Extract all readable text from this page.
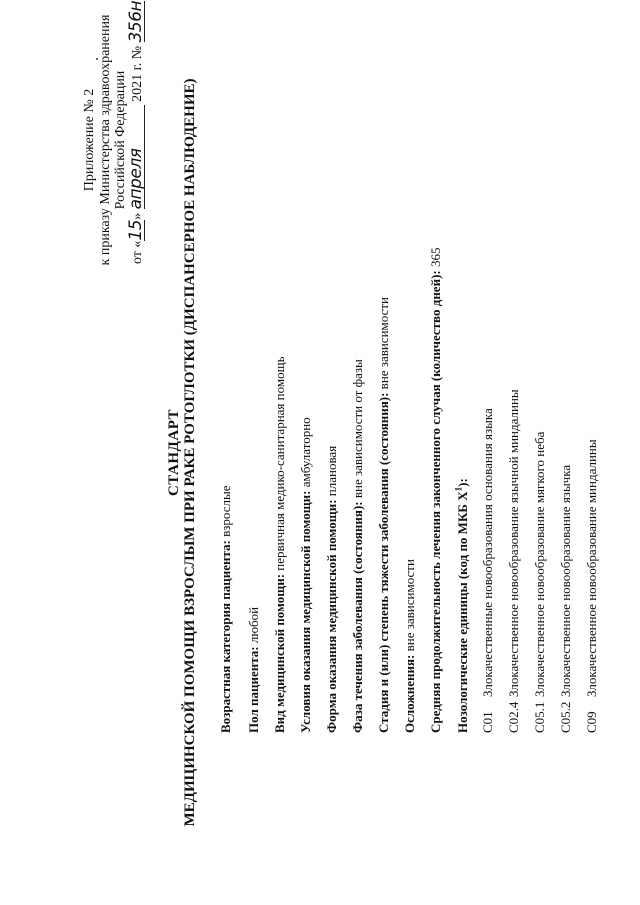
Приложение № 2 к приказу Министерства здравоохранения Российской Федерации
от «15» апреля 2021 г. № 356н
СТАНДАРТ МЕДИЦИНСКОЙ ПОМОЩИ ВЗРОСЛЫМ ПРИ РАКЕ РОТОГЛОТКИ (ДИСПАНСЕРНОЕ НАБЛЮДЕНИЕ) Возрастная категория пациента: взрослые
Пол пациента: любой Вид медицинской помощи: первичная медико-санитарная помощь
Условия оказания медицинской помощи: амбулаторно
Форма оказания медицинской помощи: плановая
Фаза течения заболевания (состояния): вне зависимости от фазы Стадия и (или) степень тяжести заболевания (состояния): вне зависимости
Осложнения: вне зависимости Средняя продолжительность лечения законченного случая (количество дней): 365
Нозологические единицы (код по МКБ $X^1$):
C01Злокачественные новообразования основания языка
C02.4Злокачественное новообразование язычной миндалины
C05.1Злокачественное новообразование мягкого неба
C05.2Злокачественное новообразование язычка
C09Злокачественное новообразование миндалины
